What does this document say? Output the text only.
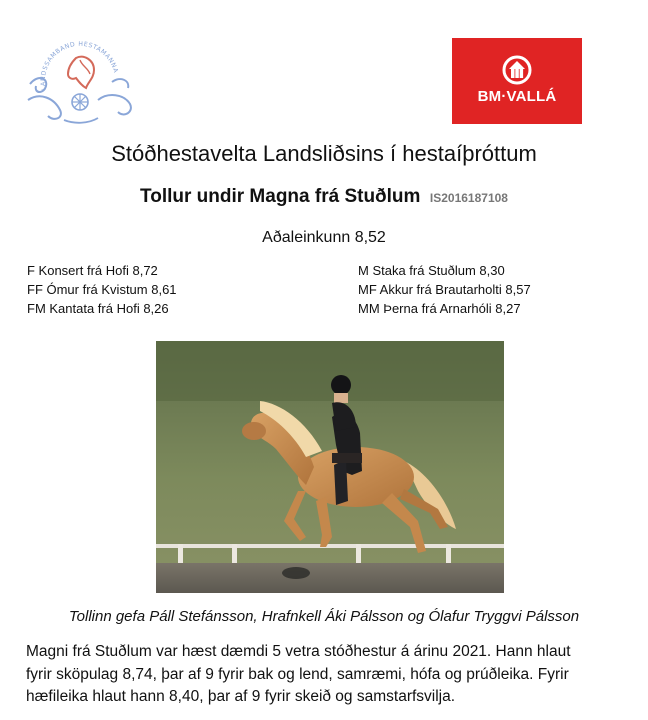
LANDSSAMBAND HESTAMANNA
BM·VALLÁ
Stóðhestavelta Landsliðsins í hestaíþróttum
Tollur undir Magna frá Stuðlum IS2016187108
Aðaleinkunn 8,52
F Konsert frá Hofi 8,72
FF Ómur frá Kvistum 8,61
FM Kantata frá Hofi 8,26
M Staka frá Stuðlum 8,30
MF Akkur frá Brautarholti 8,57
MM Þerna frá Arnarhóli 8,27
Tollinn gefa Páll Stefánsson, Hrafnkell Áki Pálsson og Ólafur Tryggvi Pálsson
Magni frá Stuðlum var hæst dæmdi 5 vetra stóðhestur á árinu 2021. Hann hlaut
fyrir sköpulag 8,74, þar af 9 fyrir bak og lend, samræmi, hófa og prúðleika. Fyrir
hæfileika hlaut hann 8,40, þar af 9 fyrir skeið og samstarfsvilja.
